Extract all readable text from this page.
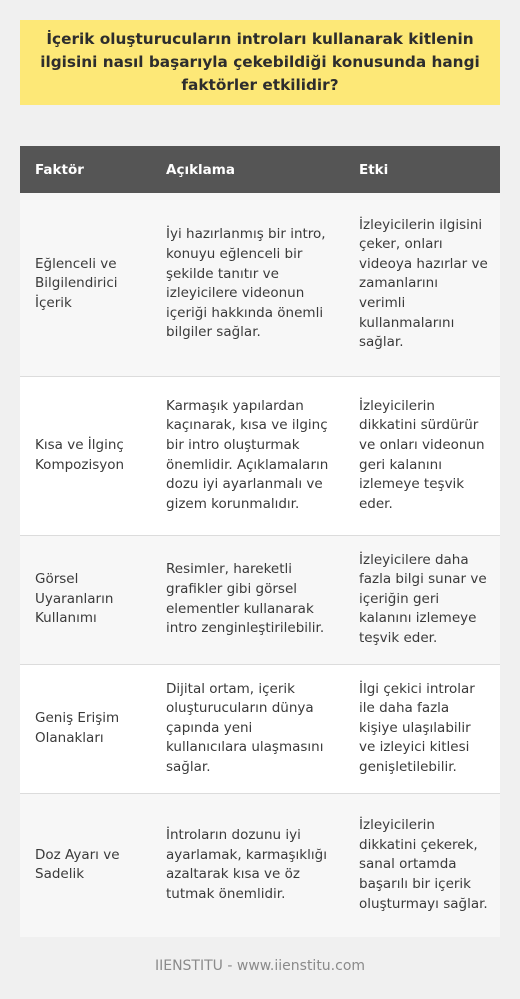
İçerik oluşturucuların introları kullanarak kitlenin ilgisini nasıl başarıyla çekebildiği konusunda hangi faktörler etkilidir?
Faktör	Açıklama	Etki
Eğlenceli ve Bilgilendirici İçerik	İyi hazırlanmış bir intro, konuyu eğlenceli bir şekilde tanıtır ve izleyicilere videonun içeriği hakkında önemli bilgiler sağlar.	İzleyicilerin ilgisini çeker, onları videoya hazırlar ve zamanlarını verimli kullanmalarını sağlar.
Kısa ve İlginç Kompozisyon	Karmaşık yapılardan kaçınarak, kısa ve ilginç bir intro oluşturmak önemlidir. Açıklamaların dozu iyi ayarlanmalı ve gizem korunmalıdır.	İzleyicilerin dikkatini sürdürür ve onları videonun geri kalanını izlemeye teşvik eder.
Görsel Uyaranların Kullanımı	Resimler, hareketli grafikler gibi görsel elementler kullanarak intro zenginleştirilebilir.	İzleyicilere daha fazla bilgi sunar ve içeriğin geri kalanını izlemeye teşvik eder.
Geniş Erişim Olanakları	Dijital ortam, içerik oluşturucuların dünya çapında yeni kullanıcılara ulaşmasını sağlar.	İlgi çekici introlar ile daha fazla kişiye ulaşılabilir ve izleyici kitlesi genişletilebilir.
Doz Ayarı ve Sadelik	İntroların dozunu iyi ayarlamak, karmaşıklığı azaltarak kısa ve öz tutmak önemlidir.	İzleyicilerin dikkatini çekerek, sanal ortamda başarılı bir içerik oluşturmayı sağlar.
IIENSTITU - www.iienstitu.com
